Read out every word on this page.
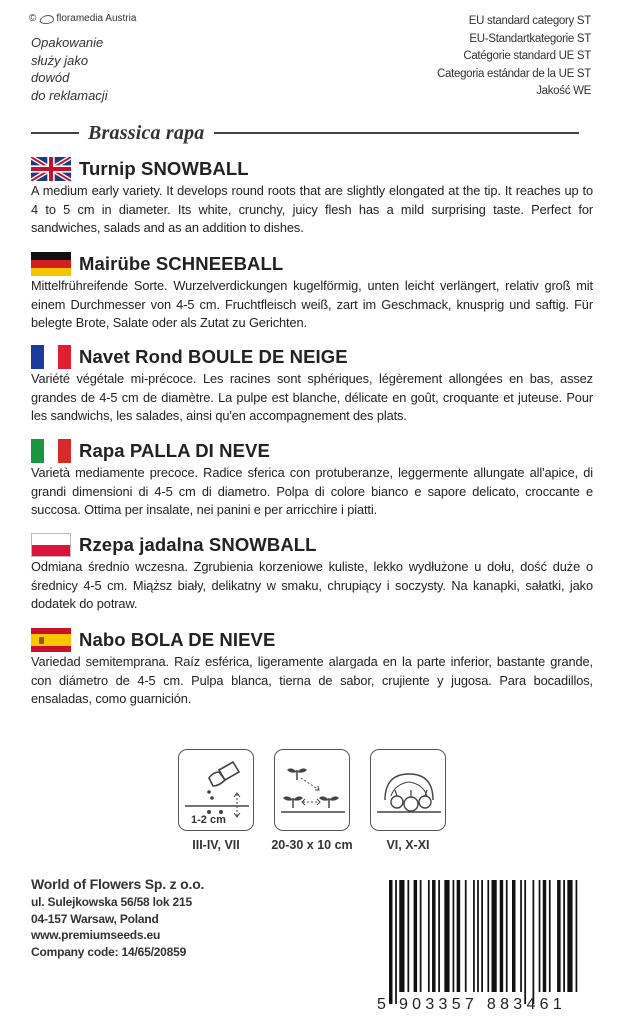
© floramedia Austria
Opakowanie
służy jako
dowód
do reklamacji
EU standard category ST
EU-Standartkategorie ST
Catégorie standard UE ST
Categoria estándar de la UE ST
Jakość WE
Brassica rapa
Turnip SNOWBALL
A medium early variety. It develops round roots that are slightly elongated at the tip. It reaches up to 4 to 5 cm in diameter. Its white, crunchy, juicy flesh has a mild surprising taste. Perfect for sandwiches, salads and as an addition to dishes.
Mairübe SCHNEEBALL
Mittelfrühreifende Sorte. Wurzelverdickungen kugelförmig, unten leicht verlängert, relativ groß mit einem Durchmesser von 4-5 cm. Fruchtfleisch weiß, zart im Geschmack, knusprig und saftig. Für belegte Brote, Salate oder als Zutat zu Gerichten.
Navet Rond BOULE DE NEIGE
Variété végétale mi-précoce. Les racines sont sphériques, légèrement allongées en bas, assez grandes de 4-5 cm de diamètre. La pulpe est blanche, délicate en goût, croquante et juteuse. Pour les sandwichs, les salades, ainsi qu'en accompagnement des plats.
Rapa PALLA DI NEVE
Varietà mediamente precoce. Radice sferica con protuberanze, leggermente allungate all'apice, di grandi dimensioni di 4-5 cm di diametro. Polpa di colore bianco e sapore delicato, croccante e succosa. Ottima per insalate, nei panini e per arricchire i piatti.
Rzepa jadalna SNOWBALL
Odmiana średnio wczesna. Zgrubienia korzeniowe kuliste, lekko wydłużone u dołu, dość duże o średnicy 4-5 cm. Miąższ biały, delikatny w smaku, chrupiący i soczysty. Na kanapki, sałatki, jako dodatek do potraw.
Nabo BOLA DE NIEVE
Variedad semitemprana. Raíz esférica, ligeramente alargada en la parte inferior, bastante grande, con diámetro de 4-5 cm. Pulpa blanca, tierna de sabor, crujiente y jugosa. Para bocadillos, ensaladas, como guarnición.
1-2 cm
III-IV, VII	20-30 x 10 cm	VI, X-XI
World of Flowers Sp. z o.o.
ul. Sulejkowska 56/58 lok 215
04-157 Warsaw, Poland
www.premiumseeds.eu
Company code: 14/65/20859
5 903357 883461
